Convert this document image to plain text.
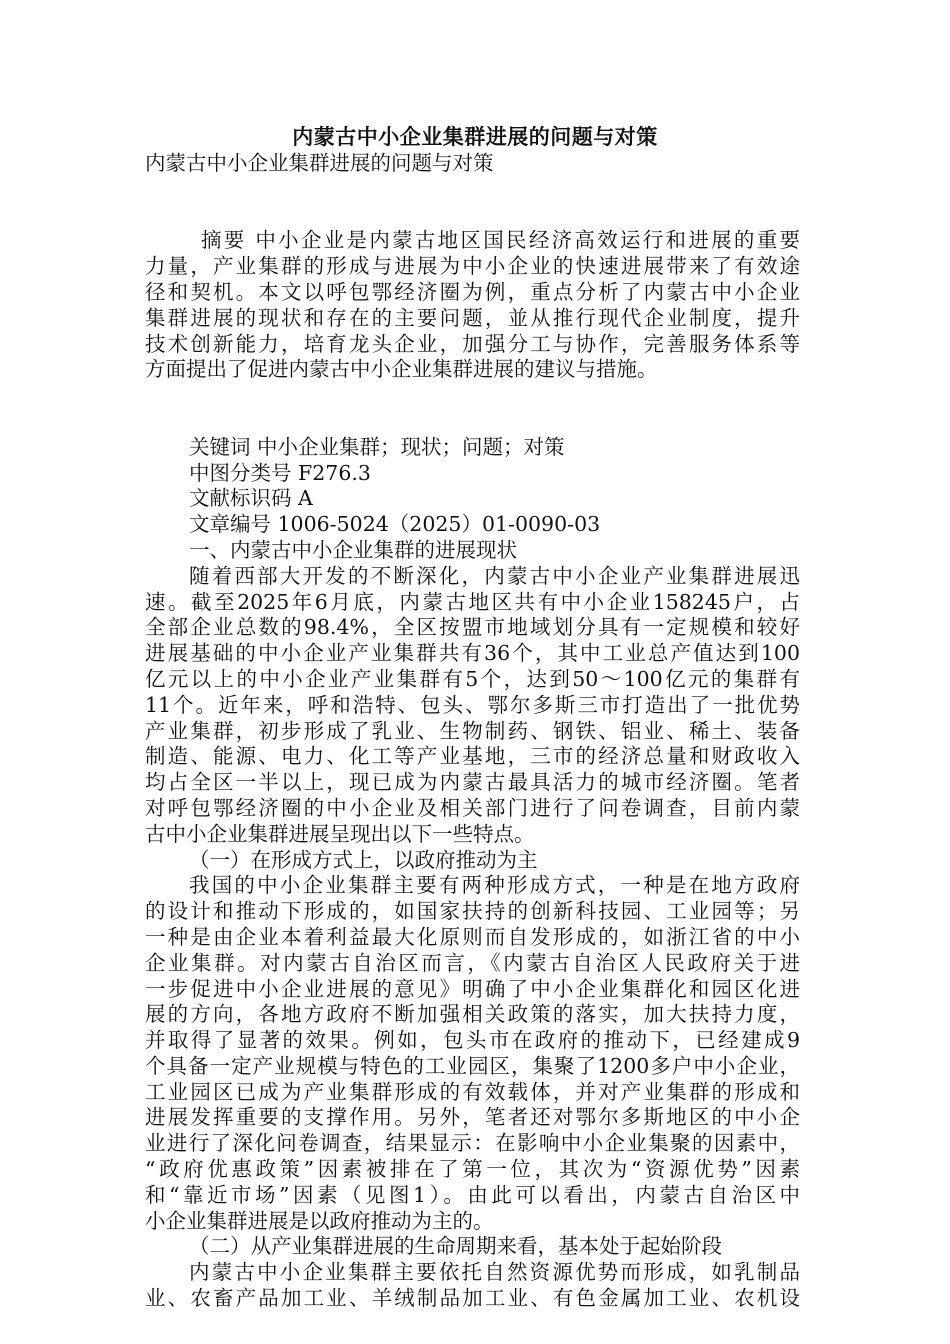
内蒙古中小企业集群进展的问题与对策
内蒙古中小企业集群进展的问题与对策
摘要 中小企业是内蒙古地区国民经济高效运行和进展的重要
力量，产业集群的形成与进展为中小企业的快速进展带来了有效途
径和契机。本文以呼包鄂经济圈为例，重点分析了内蒙古中小企业
集群进展的现状和存在的主要问题，並从推行现代企业制度，提升
技术创新能力，培育龙头企业，加强分工与协作，完善服务体系等
方面提出了促进内蒙古中小企业集群进展的建议与措施。
关键词 中小企业集群；现状；问题；对策
中图分类号 F276.3
文献标识码 A
文章编号 1006-5024（2025）01-0090-03
一、内蒙古中小企业集群的进展现状
随着西部大开发的不断深化，内蒙古中小企业产业集群进展迅
速。截至2025年6月底，内蒙古地区共有中小企业158245户，占
全部企业总数的98.4%，全区按盟市地域划分具有一定规模和较好
进展基础的中小企业产业集群共有36个，其中工业总产值达到100
亿元以上的中小企业产业集群有5个，达到50～100亿元的集群有
11个。近年来，呼和浩特、包头、鄂尔多斯三市打造出了一批优势
产业集群，初步形成了乳业、生物制药、钢铁、铝业、稀土、装备
制造、能源、电力、化工等产业基地，三市的经济总量和财政收入
均占全区一半以上，现已成为内蒙古最具活力的城市经济圈。笔者
对呼包鄂经济圈的中小企业及相关部门进行了问卷调查，目前内蒙
古中小企业集群进展呈现出以下一些特点。
（一）在形成方式上，以政府推动为主
我国的中小企业集群主要有两种形成方式，一种是在地方政府
的设计和推动下形成的，如国家扶持的创新科技园、工业园等；另
一种是由企业本着利益最大化原则而自发形成的，如浙江省的中小
企业集群。对内蒙古自治区而言，《内蒙古自治区人民政府关于进
一步促进中小企业进展的意见》明确了中小企业集群化和园区化进
展的方向，各地方政府不断加强相关政策的落实，加大扶持力度，
并取得了显著的效果。例如，包头市在政府的推动下，已经建成9
个具备一定产业规模与特色的工业园区，集聚了1200多户中小企业，
工业园区已成为产业集群形成的有效载体，并对产业集群的形成和
进展发挥重要的支撑作用。另外，笔者还对鄂尔多斯地区的中小企
业进行了深化问卷调查，结果显示：在影响中小企业集聚的因素中，
“政府优惠政策”因素被排在了第一位，其次为“资源优势”因素
和“靠近市场”因素（见图1）。由此可以看出，内蒙古自治区中
小企业集群进展是以政府推动为主的。
（二）从产业集群进展的生命周期来看，基本处于起始阶段
内蒙古中小企业集群主要依托自然资源优势而形成，如乳制品
业、农畜产品加工业、羊绒制品加工业、有色金属加工业、农机设
